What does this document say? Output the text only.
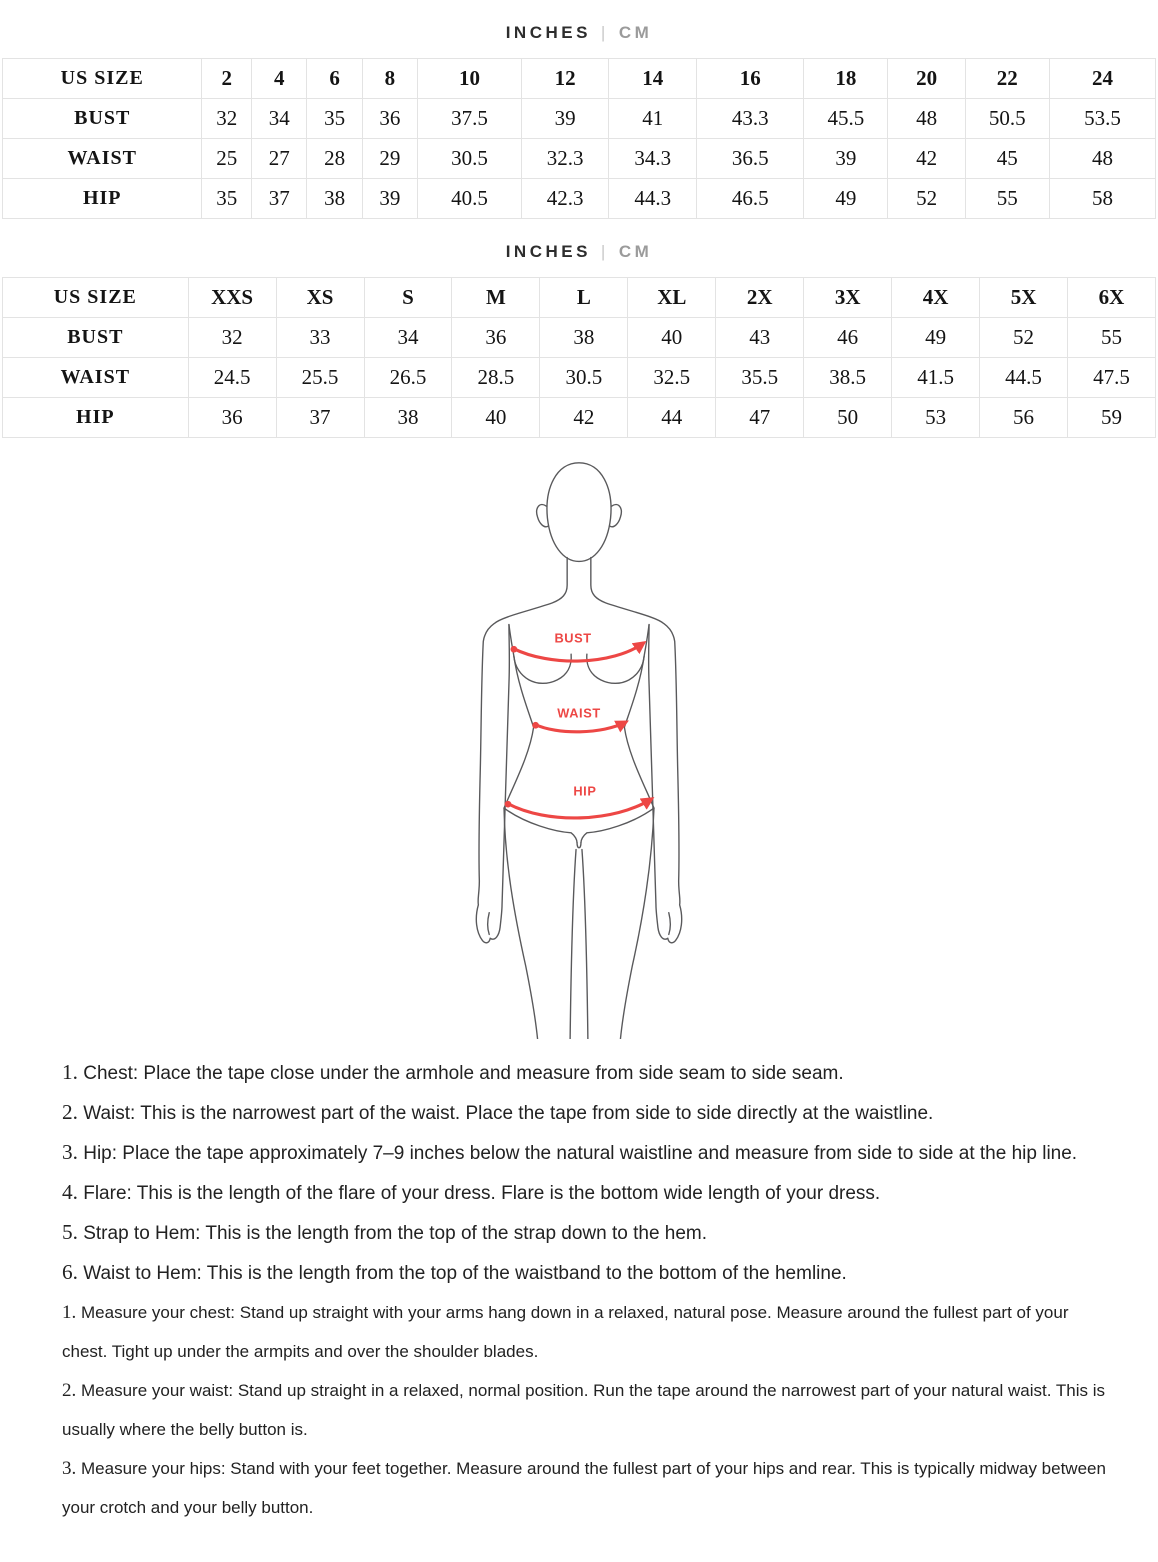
INCHES | CM
US SIZE	2	4	6	8	10	12	14	16	18	20	22	24
BUST	32	34	35	36	37.5	39	41	43.3	45.5	48	50.5	53.5
WAIST	25	27	28	29	30.5	32.3	34.3	36.5	39	42	45	48
HIP	35	37	38	39	40.5	42.3	44.3	46.5	49	52	55	58
INCHES | CM
US SIZE	XXS	XS	S	M	L	XL	2X	3X	4X	5X	6X
BUST	32	33	34	36	38	40	43	46	49	52	55
WAIST	24.5	25.5	26.5	28.5	30.5	32.5	35.5	38.5	41.5	44.5	47.5
HIP	36	37	38	40	42	44	47	50	53	56	59
BUST
WAIST
HIP

1. Chest: Place the tape close under the armhole and measure from side seam to side seam.

2. Waist: This is the narrowest part of the waist. Place the tape from side to side directly at the waistline.

3. Hip: Place the tape approximately 7–9 inches below the natural waistline and measure from side to side at the hip line.

4. Flare: This is the length of the flare of your dress. Flare is the bottom wide length of your dress.

5. Strap to Hem: This is the length from the top of the strap down to the hem.

6. Waist to Hem: This is the length from the top of the waistband to the bottom of the hemline.

1. Measure your chest: Stand up straight with your arms hang down in a relaxed, natural pose. Measure around the fullest part of your chest. Tight up under the armpits and over the shoulder blades.

2. Measure your waist: Stand up straight in a relaxed, normal position. Run the tape around the narrowest part of your natural waist. This is usually where the belly button is.

3. Measure your hips: Stand with your feet together. Measure around the fullest part of your hips and rear. This is typically midway between your crotch and your belly button.
